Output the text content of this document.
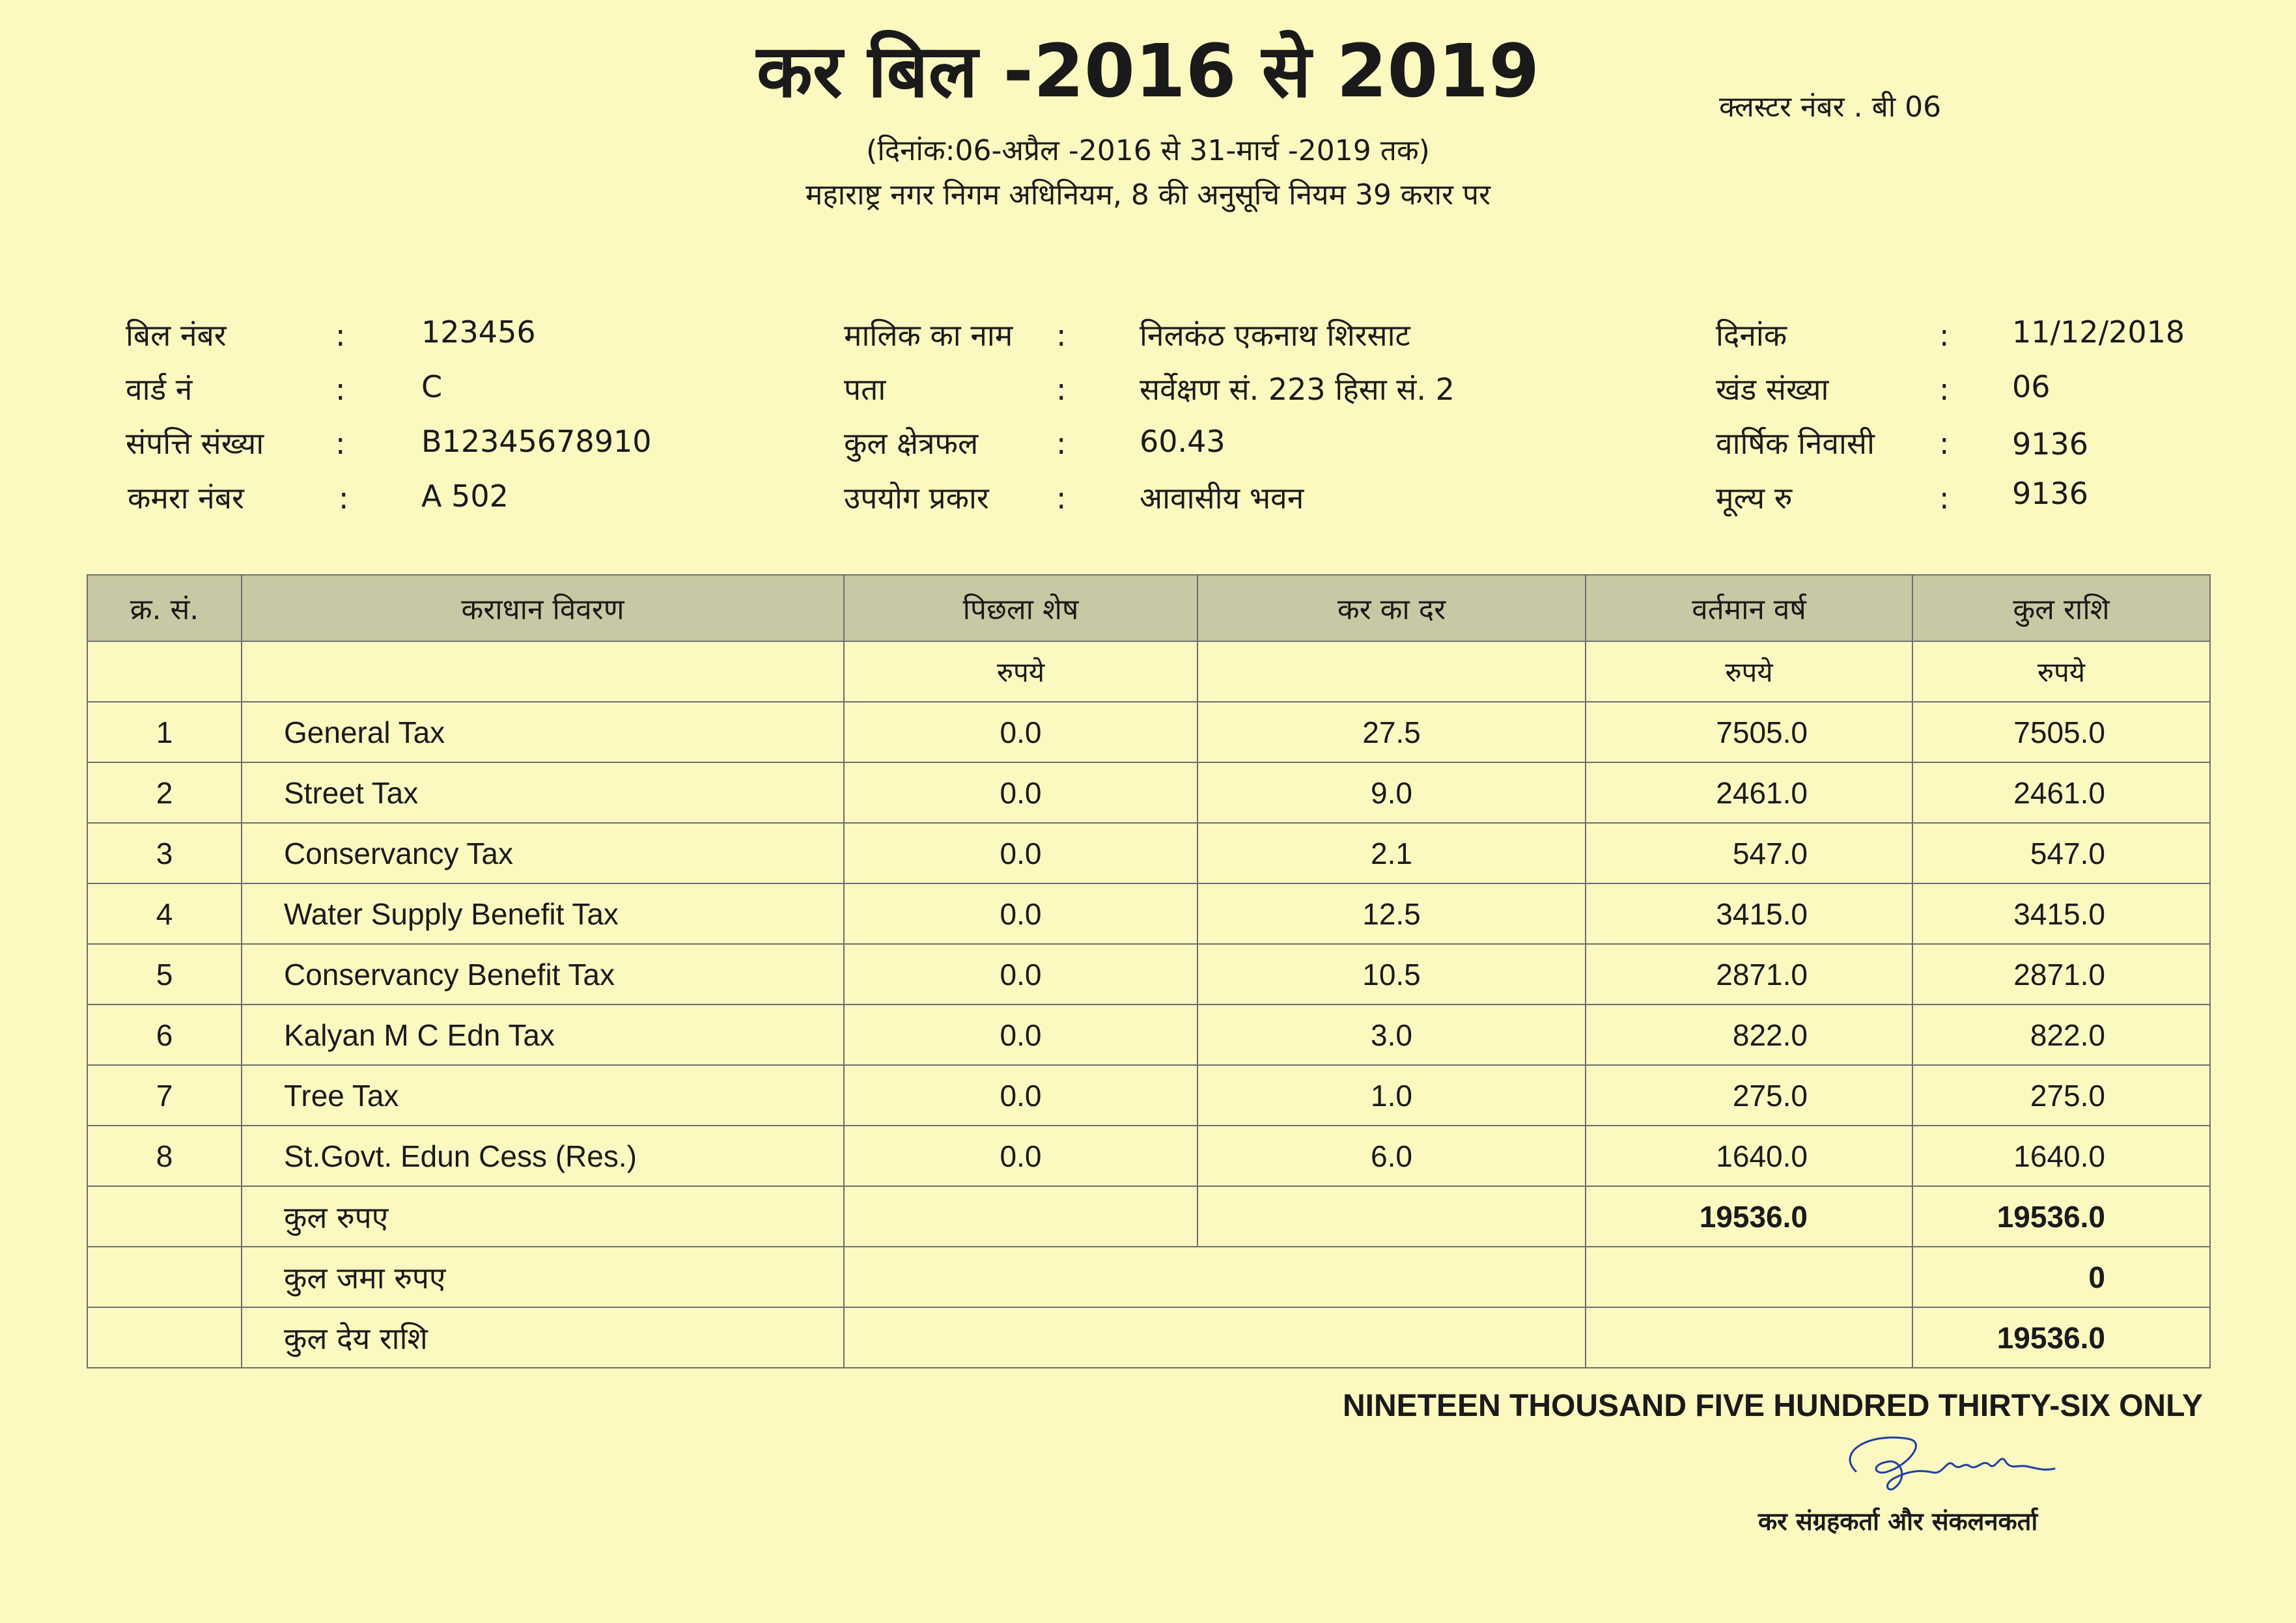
कर बिल -2016 से 2019	क्लस्टर नंबर . बी 06
(दिनांक:06-अप्रैल -2016 से 31-मार्च -2019 तक)
महाराष्ट्र नगर निगम अधिनियम, 8 की अनुसूचि नियम 39 करार पर
बिल नंबर	:	123456
वार्ड नं	:	C
संपत्ति संख्या :	B12345678910
कमरा नंबर	: A 502
मालिक का नाम : निलकंठ एकनाथ शिरसाट
पता	: सर्वेक्षण सं. 223 हिसा सं. 2
कुल क्षेत्रफल	: 60.43
उपयोग प्रकार : आवासीय भवन
दिनांक	: 11/12/2018
खंड संख्या	: 06
वार्षिक निवासी : 9136
मूल्य रु	: 9136
क्र. सं.	कराधान विवरण	पिछला शेष	कर का दर	वर्तमान वर्ष	कुल राशि
		रुपये		रुपये	रुपये
1	General Tax	0.0	27.5	7505.0	7505.0
2	Street Tax	0.0	9.0	2461.0	2461.0
3	Conservancy Tax	0.0	2.1	547.0	547.0
4	Water Supply Benefit Tax	0.0	12.5	3415.0	3415.0
5	Conservancy Benefit Tax	0.0	10.5	2871.0	2871.0
6	Kalyan M C Edn Tax	0.0	3.0	822.0	822.0
7	Tree Tax	0.0	1.0	275.0	275.0
8	St.Govt. Edun Cess (Res.)	0.0	6.0	1640.0	1640.0
	कुल रुपए			19536.0	19536.0
	कुल जमा रुपए				0
	कुल देय राशि				19536.0
NINETEEN THOUSAND FIVE HUNDRED THIRTY-SIX ONLY
कर संग्रहकर्ता और संकलनकर्ता
